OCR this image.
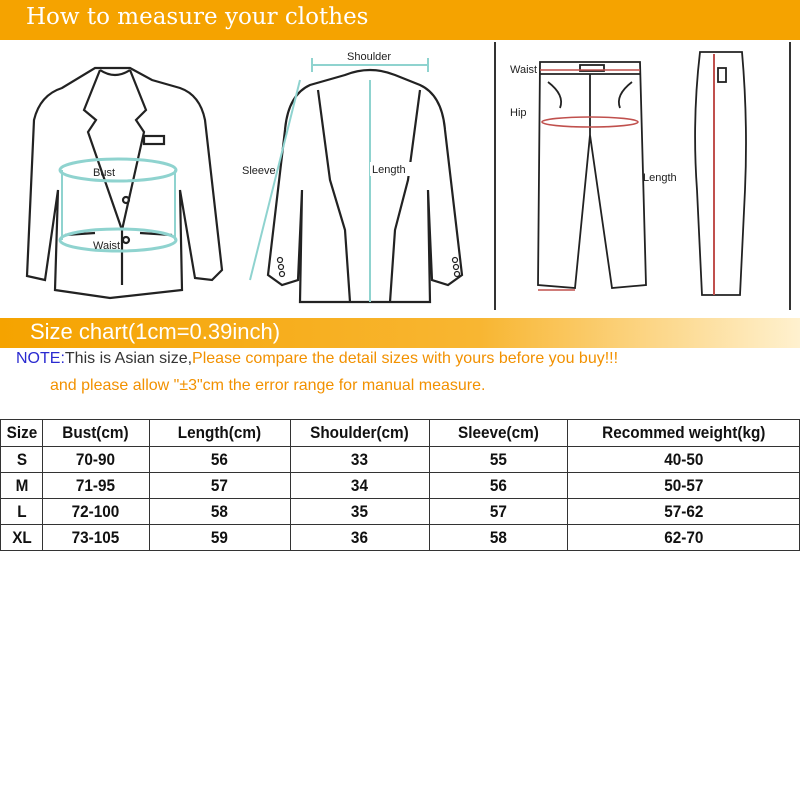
How to measure your clothes
Bust
Waist
Shoulder
Sleeve	Length
Waist
Hip
Length
Size chart(1cm=0.39inch)
NOTE:This is Asian size,Please compare the detail sizes with yours before you buy!!!
and please allow "±3"cm the error range for manual measure.
Size	Bust(cm)	Length(cm)	Shoulder(cm)	Sleeve(cm)	Recommed weight(kg)
S	70-90	56	33	55	40-50
M	71-95	57	34	56	50-57
L	72-100	58	35	57	57-62
XL	73-105	59	36	58	62-70
